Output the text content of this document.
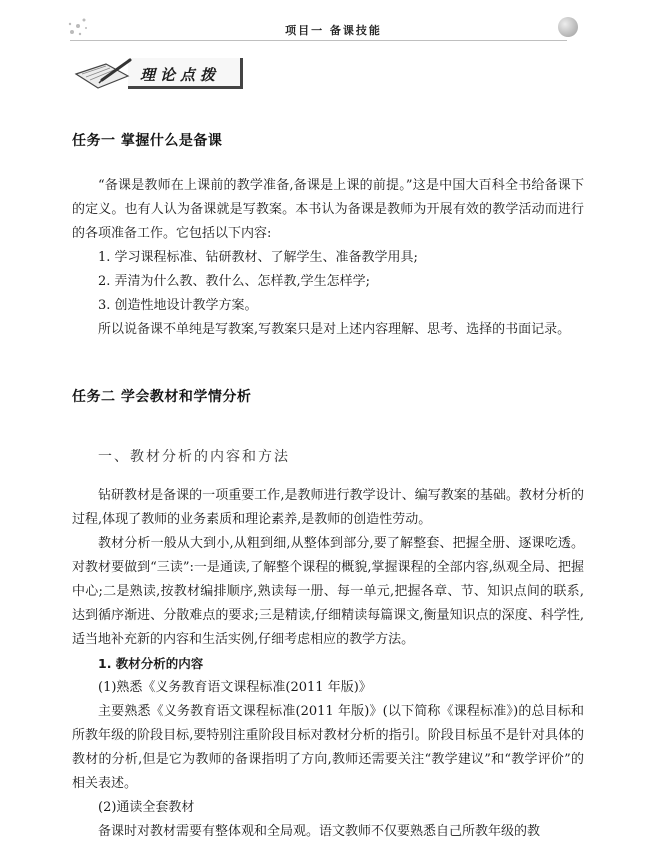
项目一 备课技能
理论点拨
任务一 掌握什么是备课
“备课是教师在上课前的教学准备,备课是上课的前提。”这是中国大百科全书给备课下的定义。也有人认为备课就是写教案。本书认为备课是教师为开展有效的教学活动而进行的各项准备工作。它包括以下内容:
1. 学习课程标准、钻研教材、了解学生、准备教学用具;
2. 弄清为什么教、教什么、怎样教,学生怎样学;
3. 创造性地设计教学方案。
所以说备课不单纯是写教案,写教案只是对上述内容理解、思考、选择的书面记录。
任务二 学会教材和学情分析
一、教材分析的内容和方法
钻研教材是备课的一项重要工作,是教师进行教学设计、编写教案的基础。教材分析的过程,体现了教师的业务素质和理论素养,是教师的创造性劳动。
教材分析一般从大到小,从粗到细,从整体到部分,要了解整套、把握全册、逐课吃透。对教材要做到“三读”:一是通读,了解整个课程的概貌,掌握课程的全部内容,纵观全局、把握中心;二是熟读,按教材编排顺序,熟读每一册、每一单元,把握各章、节、知识点间的联系,达到循序渐进、分散难点的要求;三是精读,仔细精读每篇课文,衡量知识点的深度、科学性,适当地补充新的内容和生活实例,仔细考虑相应的教学方法。
1. 教材分析的内容
(1)熟悉《义务教育语文课程标准(2011 年版)》
主要熟悉《义务教育语文课程标准(2011 年版)》(以下简称《课程标准》)的总目标和所教年级的阶段目标,要特别注重阶段目标对教材分析的指引。阶段目标虽不是针对具体的教材的分析,但是它为教师的备课指明了方向,教师还需要关注“教学建议”和“教学评价”的相关表述。
(2)通读全套教材
备课时对教材需要有整体观和全局观。语文教师不仅要熟悉自己所教年级的教
